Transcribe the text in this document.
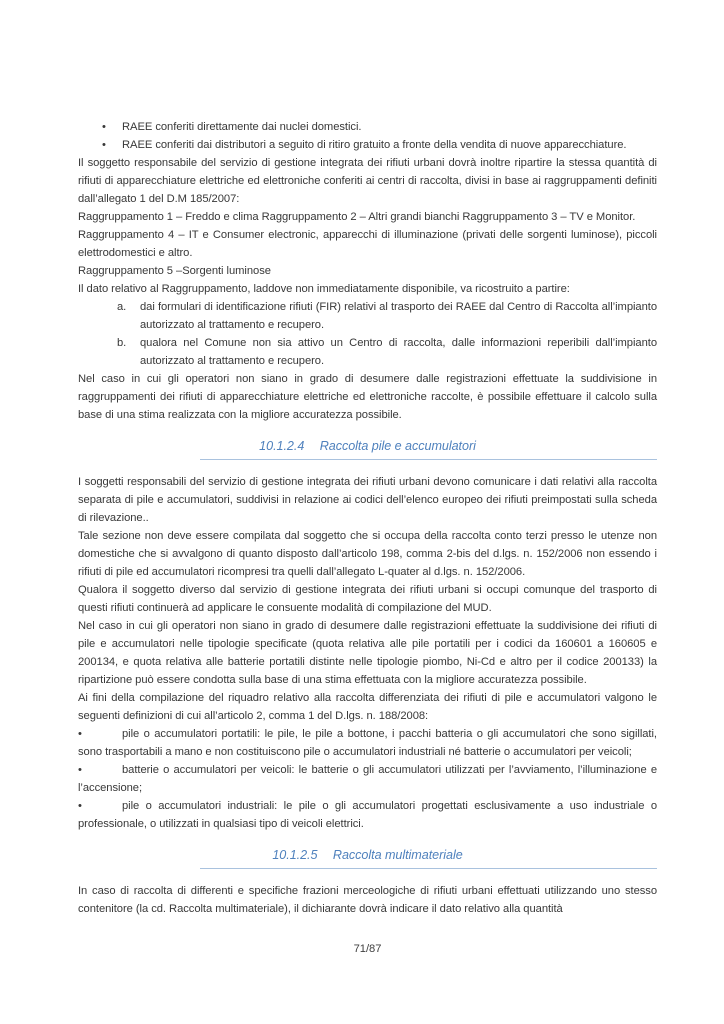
• RAEE conferiti direttamente dai nuclei domestici.
• RAEE conferiti dai distributori a seguito di ritiro gratuito a fronte della vendita di nuove apparecchiature.

Il soggetto responsabile del servizio di gestione integrata dei rifiuti urbani dovrà inoltre ripartire la stessa quantità di rifiuti di apparecchiature elettriche ed elettroniche conferiti ai centri di raccolta, divisi in base ai raggruppamenti definiti dall’allegato 1 del D.M 185/2007:

Raggruppamento 1 – Freddo e clima Raggruppamento 2 – Altri grandi bianchi Raggruppamento 3 – TV e Monitor.

Raggruppamento 4 – IT e Consumer electronic, apparecchi di illuminazione (privati delle sorgenti luminose), piccoli elettrodomestici e altro.

Raggruppamento 5 –Sorgenti luminose

Il dato relativo al Raggruppamento, laddove non immediatamente disponibile, va ricostruito a partire:

a. dai formulari di identificazione rifiuti (FIR) relativi al trasporto dei RAEE dal Centro di Raccolta all’impianto autorizzato al trattamento e recupero.
b. qualora nel Comune non sia attivo un Centro di raccolta, dalle informazioni reperibili dall’impianto autorizzato al trattamento e recupero.

Nel caso in cui gli operatori non siano in grado di desumere dalle registrazioni effettuate la suddivisione in raggruppamenti dei rifiuti di apparecchiature elettriche ed elettroniche raccolte, è possibile effettuare il calcolo sulla base di una stima realizzata con la migliore accuratezza possibile.

10.1.2.4 Raccolta pile e accumulatori

I soggetti responsabili del servizio di gestione integrata dei rifiuti urbani devono comunicare i dati relativi alla raccolta separata di pile e accumulatori, suddivisi in relazione ai codici dell’elenco europeo dei rifiuti preimpostati sulla scheda di rilevazione..

Tale sezione non deve essere compilata dal soggetto che si occupa della raccolta conto terzi presso le utenze non domestiche che si avvalgono di quanto disposto dall’articolo 198, comma 2-bis del d.lgs. n. 152/2006 non essendo i rifiuti di pile ed accumulatori ricompresi tra quelli dall’allegato L-quater al d.lgs. n. 152/2006.

Qualora il soggetto diverso dal servizio di gestione integrata dei rifiuti urbani si occupi comunque del trasporto di questi rifiuti continuerà ad applicare le consuente modalità di compilazione del MUD.

Nel caso in cui gli operatori non siano in grado di desumere dalle registrazioni effettuate la suddivisione dei rifiuti di pile e accumulatori nelle tipologie specificate (quota relativa alle pile portatili per i codici da 160601 a 160605 e 200134, e quota relativa alle batterie portatili distinte nelle tipologie piombo, Ni-Cd e altro per il codice 200133) la ripartizione può essere condotta sulla base di una stima effettuata con la migliore accuratezza possibile.

Ai fini della compilazione del riquadro relativo alla raccolta differenziata dei rifiuti di pile e accumulatori valgono le seguenti definizioni di cui all’articolo 2, comma 1 del D.lgs. n. 188/2008:

•	pile o accumulatori portatili: le pile, le pile a bottone, i pacchi batteria o gli accumulatori che sono sigillati, sono trasportabili a mano e non costituiscono pile o accumulatori industriali né batterie o accumulatori per veicoli;

•	batterie o accumulatori per veicoli: le batterie o gli accumulatori utilizzati per l’avviamento, l’illuminazione e l’accensione;

•	pile o accumulatori industriali: le pile o gli accumulatori progettati esclusivamente a uso industriale o professionale, o utilizzati in qualsiasi tipo di veicoli elettrici.

10.1.2.5 Raccolta multimateriale

In caso di raccolta di differenti e specifiche frazioni merceologiche di rifiuti urbani effettuati utilizzando uno stesso contenitore (la cd. Raccolta multimateriale), il dichiarante dovrà indicare il dato relativo alla quantità

71/87
